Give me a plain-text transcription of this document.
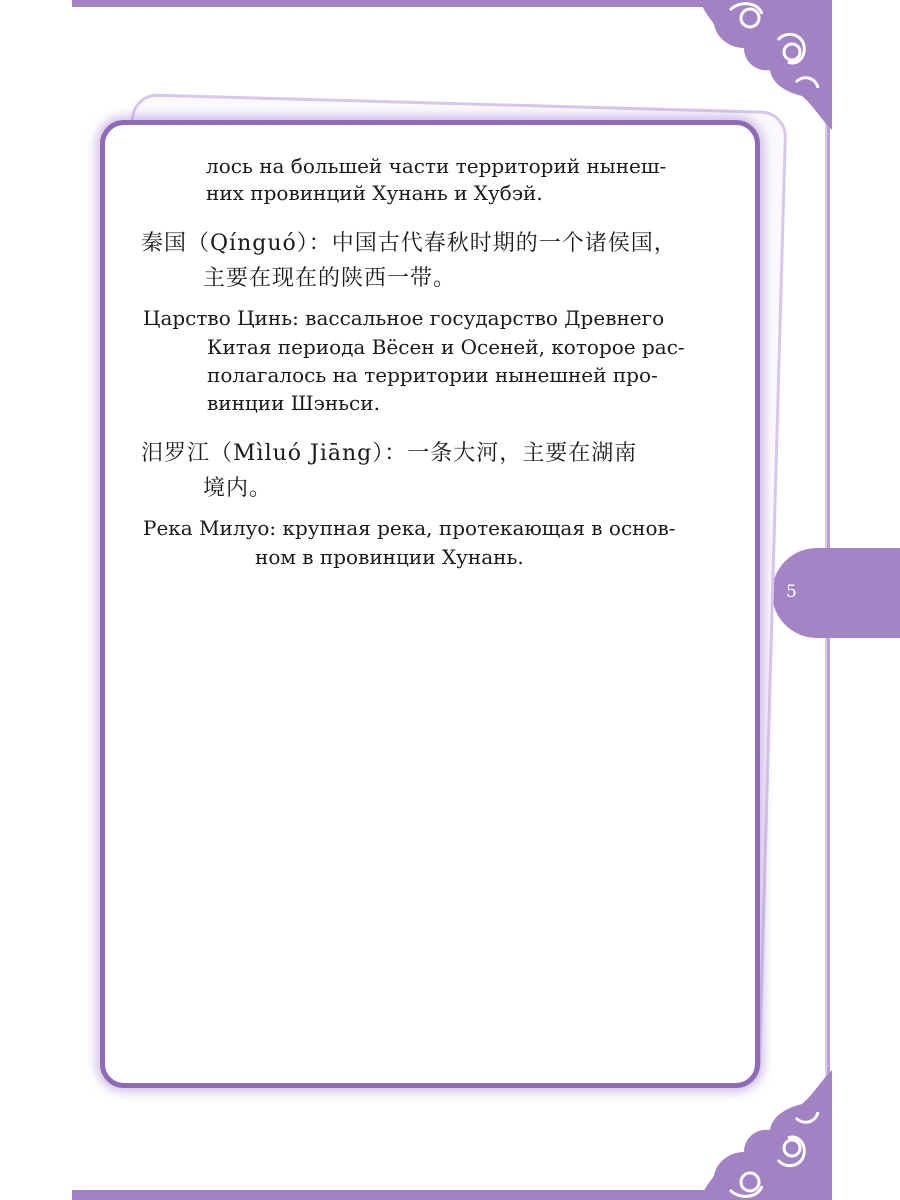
5
лось на большей части территорий нынеш-
них провинций Хунань и Хубэй.
秦国（Qínguó）：中国古代春秋时期的一个诸侯国，
主要在现在的陕西一带。
Царство Цинь: вассальное государство Древнего
Китая периода Вёсен и Осеней, которое рас-
полагалось на территории нынешней про-
винции Шэньси.
汨罗江（Mìluó Jiāng）：一条大河，主要在湖南
境内。
Река Милуо: крупная река, протекающая в основ-
ном в провинции Хунань.
